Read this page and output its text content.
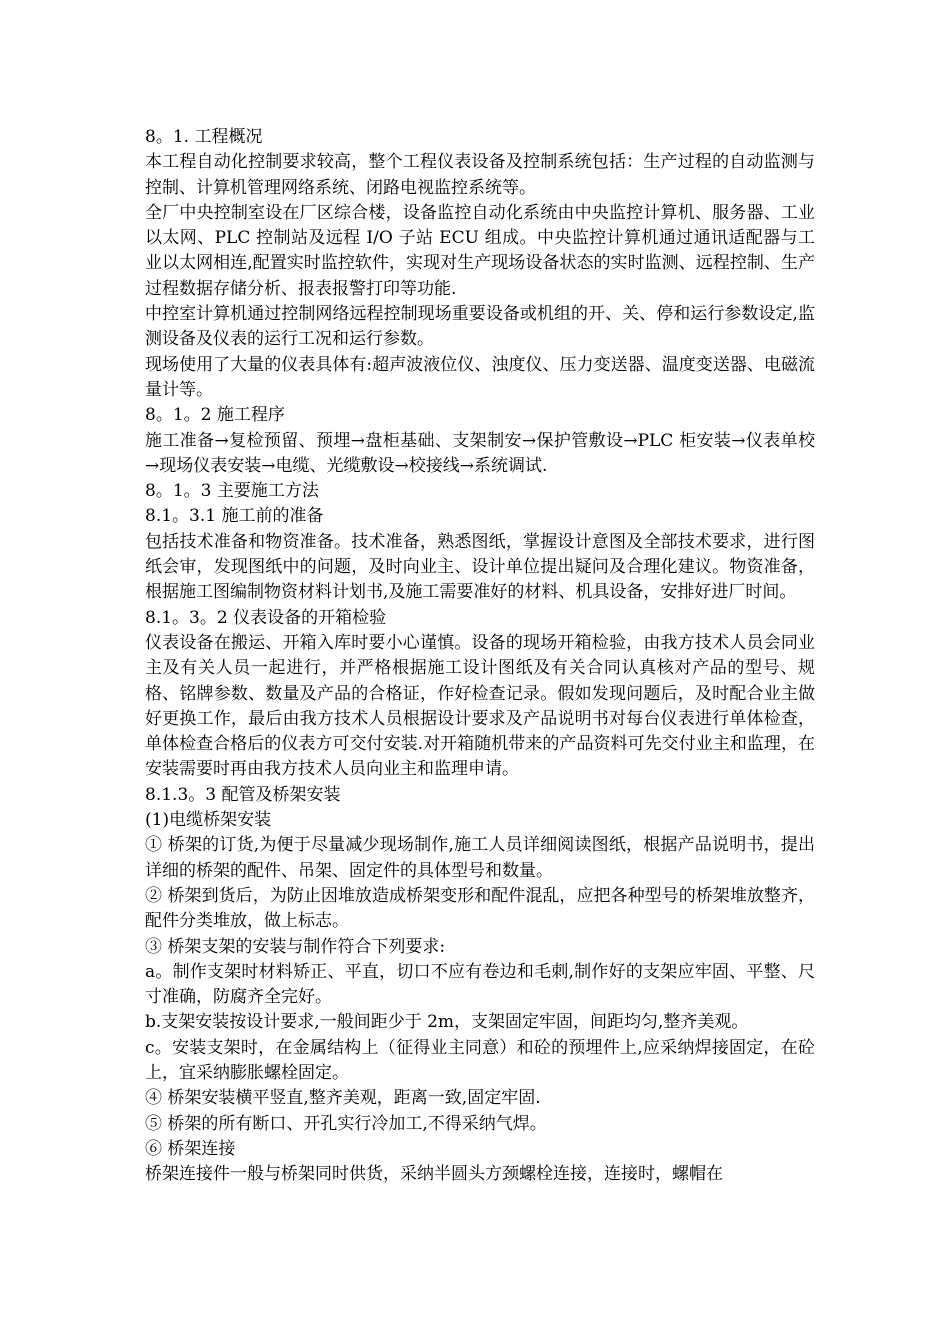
8。1. 工程概况

本工程自动化控制要求较高，整个工程仪表设备及控制系统包括：生产过程的自动监测与控制、计算机管理网络系统、闭路电视监控系统等。

全厂中央控制室设在厂区综合楼，设备监控自动化系统由中央监控计算机、服务器、工业以太网、PLC 控制站及远程 I/O 子站 ECU 组成。中央监控计算机通过通讯适配器与工业以太网相连,配置实时监控软件，实现对生产现场设备状态的实时监测、远程控制、生产过程数据存储分析、报表报警打印等功能.

中控室计算机通过控制网络远程控制现场重要设备或机组的开、关、停和运行参数设定,监测设备及仪表的运行工况和运行参数。

现场使用了大量的仪表具体有:超声波液位仪、浊度仪、压力变送器、温度变送器、电磁流量计等。

8。1。2 施工程序

施工准备→复检预留、预埋→盘柜基础、支架制安→保护管敷设→PLC 柜安装→仪表单校→现场仪表安装→电缆、光缆敷设→校接线→系统调试.

8。1。3 主要施工方法

8.1。3.1 施工前的准备

包括技术准备和物资准备。技术准备，熟悉图纸，掌握设计意图及全部技术要求，进行图纸会审，发现图纸中的问题，及时向业主、设计单位提出疑问及合理化建议。物资准备，根据施工图编制物资材料计划书,及施工需要准好的材料、机具设备，安排好进厂时间。

8.1。3。2 仪表设备的开箱检验

仪表设备在搬运、开箱入库时要小心谨慎。设备的现场开箱检验，由我方技术人员会同业主及有关人员一起进行，并严格根据施工设计图纸及有关合同认真核对产品的型号、规格、铭牌参数、数量及产品的合格证，作好检查记录。假如发现问题后，及时配合业主做好更换工作，最后由我方技术人员根据设计要求及产品说明书对每台仪表进行单体检查，单体检查合格后的仪表方可交付安装.对开箱随机带来的产品资料可先交付业主和监理，在安装需要时再由我方技术人员向业主和监理申请。

8.1.3。3 配管及桥架安装

(1)电缆桥架安装

① 桥架的订货,为便于尽量减少现场制作,施工人员详细阅读图纸，根据产品说明书，提出详细的桥架的配件、吊架、固定件的具体型号和数量。

② 桥架到货后，为防止因堆放造成桥架变形和配件混乱，应把各种型号的桥架堆放整齐，配件分类堆放，做上标志。

③ 桥架支架的安装与制作符合下列要求:

a。制作支架时材料矫正、平直，切口不应有卷边和毛刺,制作好的支架应牢固、平整、尺寸准确，防腐齐全完好。

b.支架安装按设计要求,一般间距少于 2m，支架固定牢固，间距均匀,整齐美观。

c。安装支架时，在金属结构上（征得业主同意）和砼的预埋件上,应采纳焊接固定，在砼上，宜采纳膨胀螺栓固定。

④ 桥架安装横平竖直,整齐美观，距离一致,固定牢固.

⑤ 桥架的所有断口、开孔实行冷加工,不得采纳气焊。

⑥ 桥架连接

桥架连接件一般与桥架同时供货，采纳半圆头方颈螺栓连接，连接时，螺帽在
